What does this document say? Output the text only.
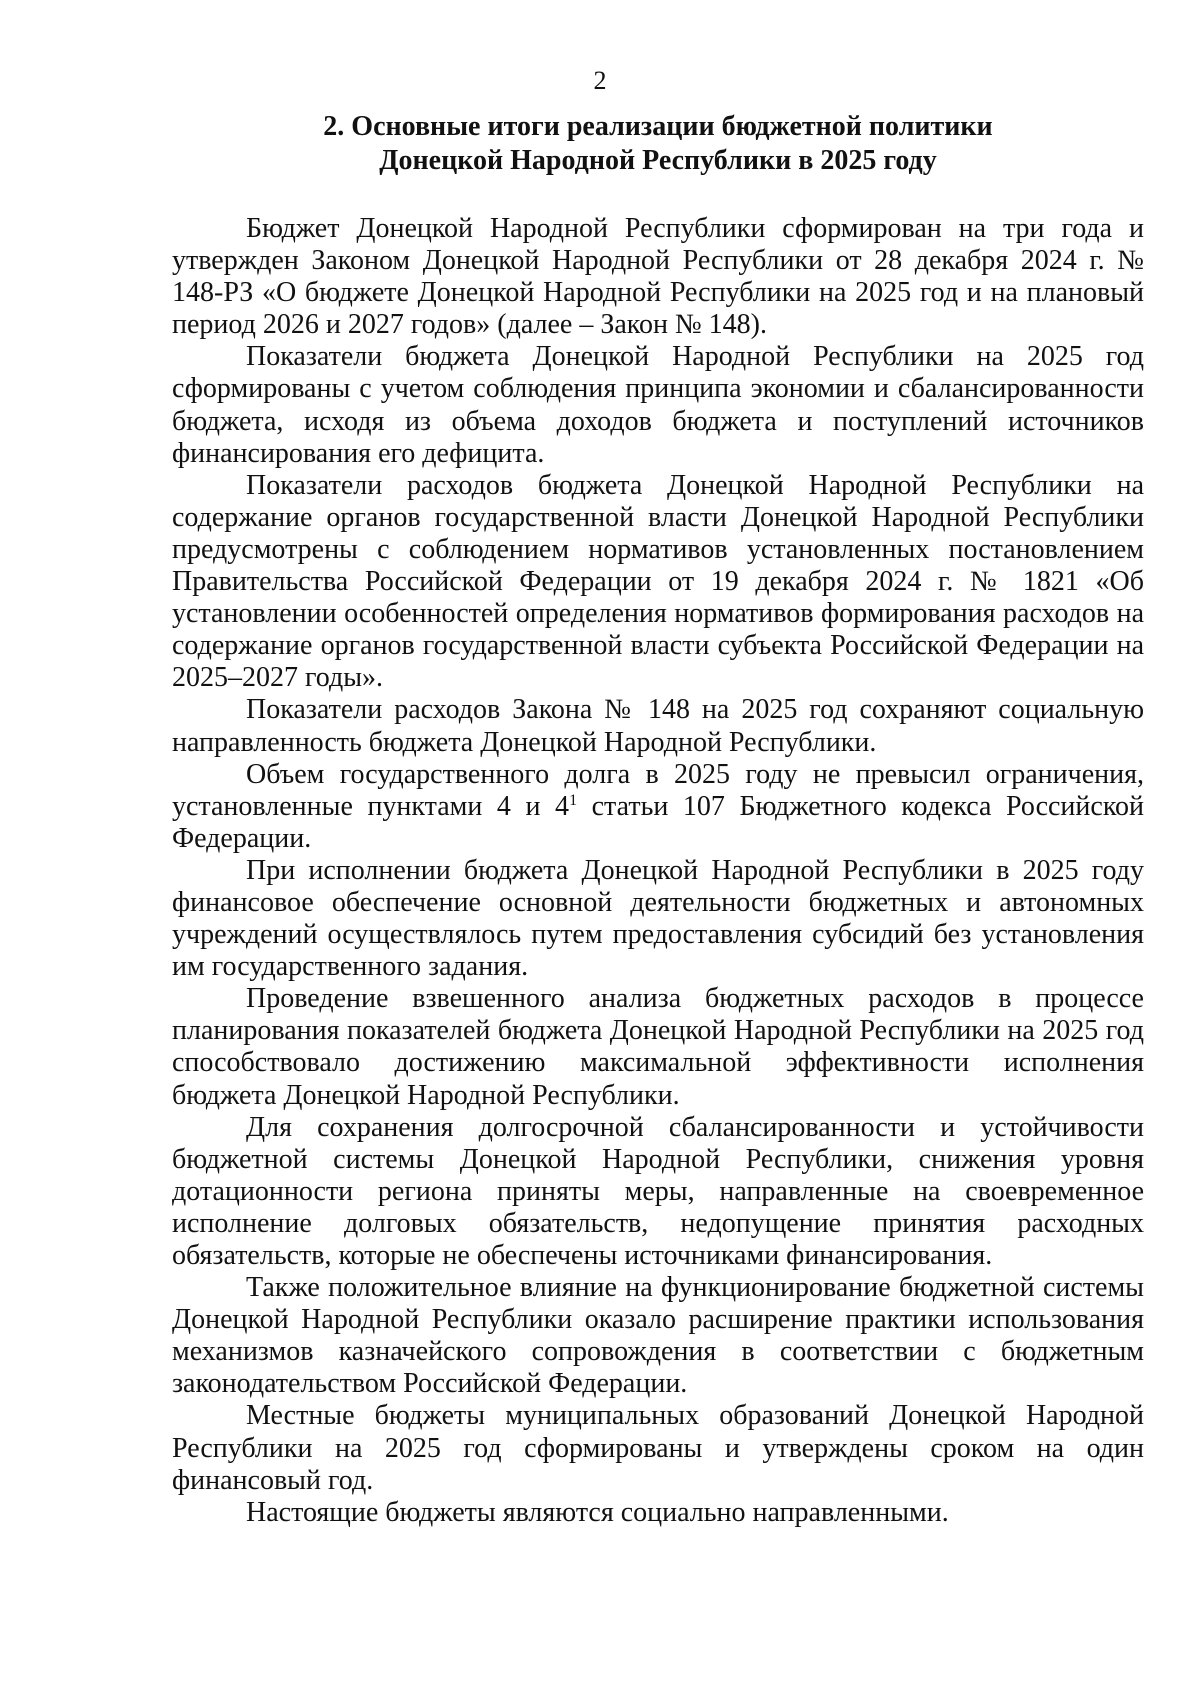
2
2. Основные итоги реализации бюджетной политики
Донецкой Народной Республики в 2025 году

Бюджет Донецкой Народной Республики сформирован на три года и утвержден Законом Донецкой Народной Республики от 28 декабря 2024 г. № 148-РЗ «О бюджете Донецкой Народной Республики на 2025 год и на плановый период 2026 и 2027 годов» (далее – Закон № 148).

Показатели бюджета Донецкой Народной Республики на 2025 год сформированы с учетом соблюдения принципа экономии и сбалансированности бюджета, исходя из объема доходов бюджета и поступлений источников финансирования его дефицита.

Показатели расходов бюджета Донецкой Народной Республики на содержание органов государственной власти Донецкой Народной Республики предусмотрены с соблюдением нормативов установленных постановлением Правительства Российской Федерации от 19 декабря 2024 г. № 1821 «Об установлении особенностей определения нормативов формирования расходов на содержание органов государственной власти субъекта Российской Федерации на 2025–2027 годы».

Показатели расходов Закона № 148 на 2025 год сохраняют социальную направленность бюджета Донецкой Народной Республики.

Объем государственного долга в 2025 году не превысил ограничения, установленные пунктами 4 и $4^1$ статьи 107 Бюджетного кодекса Российской Федерации.

При исполнении бюджета Донецкой Народной Республики в 2025 году финансовое обеспечение основной деятельности бюджетных и автономных учреждений осуществлялось путем предоставления субсидий без установления им государственного задания.

Проведение взвешенного анализа бюджетных расходов в процессе планирования показателей бюджета Донецкой Народной Республики на 2025 год способствовало достижению максимальной эффективности исполнения бюджета Донецкой Народной Республики.

Для сохранения долгосрочной сбалансированности и устойчивости бюджетной системы Донецкой Народной Республики, снижения уровня дотационности региона приняты меры, направленные на своевременное исполнение долговых обязательств, недопущение принятия расходных обязательств, которые не обеспечены источниками финансирования.

Также положительное влияние на функционирование бюджетной системы Донецкой Народной Республики оказало расширение практики использования механизмов казначейского сопровождения в соответствии с бюджетным законодательством Российской Федерации.

Местные бюджеты муниципальных образований Донецкой Народной Республики на 2025 год сформированы и утверждены сроком на один финансовый год.

Настоящие бюджеты являются социально направленными.
